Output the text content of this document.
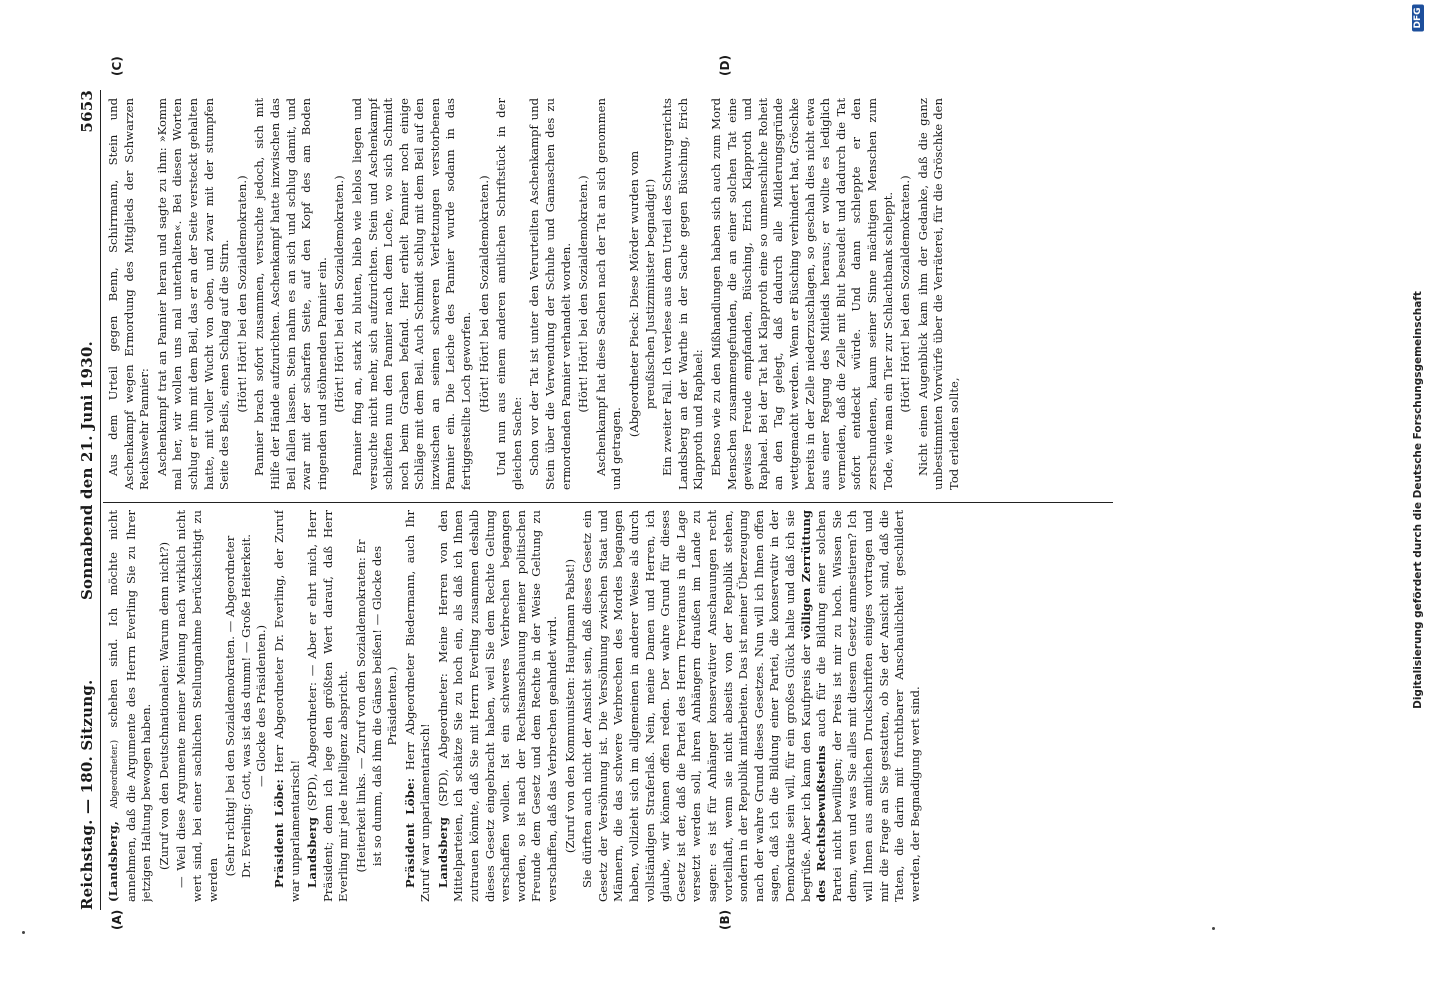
Reichstag. — 180. Sitzung.
Sonnabend den 21. Juni 1930.
5653
(A)	(B)
(C)	(D)

(Landsberg, Abgeordneter.) schehen sind. Ich möchte nicht annehmen, daß die Argumente des Herrn Everling Sie zu Ihrer jetzigen Haltung bewogen haben. (Zuruf von den Deutschnationalen: Warum denn nicht?) — Weil diese Argumente meiner Meinung nach wirklich nicht wert sind, bei einer sachlichen Stellungnahme berücksichtigt zu werden

(Sehr richtig! bei den Sozialdemokraten. — Abgeordneter Dr. Everling: Gott, was ist das dumm! — Große Heiterkeit. — Glocke des Präsidenten.)

Präsident Löbe: Herr Abgeordneter Dr. Everling, der Zuruf war unparlamentarisch! Landsberg (SPD), Abgeordneter: — Aber er ehrt mich, Herr Präsident; denn ich lege den größten Wert darauf, daß Herr Everling mir jede Intelligenz abspricht. (Heiterkeit links. — Zuruf von den Sozialdemokraten: Er ist so dumm, daß ihm die Gänse beißen! — Glocke des Präsidenten.)

Präsident Löbe: Herr Abgeordneter Biedermann, auch Ihr Zuruf war unparlamentarisch! Landsberg (SPD), Abgeordneter: Meine Herren von den Mittelparteien, ich schätze Sie zu hoch ein, als daß ich Ihnen zutrauen könnte, daß Sie mit Herrn Everling zusammen deshalb dieses Gesetz eingebracht haben, weil Sie dem Rechte Geltung verschaffen wollen. Ist ein schweres Verbrechen begangen worden, so ist nach der Rechtsanschauung meiner politischen Freunde dem Gesetz und dem Rechte in der Weise Geltung zu verschaffen, daß das Verbrechen geahndet wird. (Zuruf von den Kommunisten: Hauptmann Pabst!) Sie dürften auch nicht der Ansicht sein, daß dieses Gesetz ein Gesetz der Versöhnung ist. Die Versöhnung zwischen Staat und Männern, die das schwere Verbrechen des Mordes begangen haben, vollzieht sich im allgemeinen in anderer Weise als durch vollständigen Straferlaß. Nein, meine Damen und Herren, ich glaube, wir können offen reden. Der wahre Grund für dieses Gesetz ist der, daß die Partei des Herrn Treviranus in die Lage versetzt werden soll, ihren Anhängern draußen im Lande zu sagen: es ist für Anhänger konservativer Anschauungen recht vorteilhaft, wenn sie nicht abseits von der Republik stehen, sondern in der Republik mitarbeiten. Das ist meiner Überzeugung nach der wahre Grund dieses Gesetzes. Nun will ich Ihnen offen sagen, daß ich die Bildung einer Partei, die konservativ in der Demokratie sein will, für ein großes Glück halte und daß ich sie begrüße. Aber ich kann den Kaufpreis der völligen Zerrüttung des Rechtsbewußtseins auch für die Bildung einer solchen Partei nicht bewilligen; der Preis ist mir zu hoch. Wissen Sie denn, wen und was Sie alles mit diesem Gesetz amnestieren? Ich will Ihnen aus amtlichen Druckschriften einiges vortragen und mir die Frage an Sie gestatten, ob Sie der Ansicht sind, daß die Taten, die darin mit furchtbarer Anschaulichkeit geschildert werden, der Begnadigung wert sind.

Aus dem Urteil gegen Benn, Schirrmann, Stein und Aschenkampf wegen Ermordung des Mitglieds der Schwarzen Reichswehr Pannier: Aschenkampf trat an Pannier heran und sagte zu ihm: »Komm mal her, wir wollen uns mal unterhalten«. Bei diesen Worten schlug er ihm mit dem Beil, das er an der Seite versteckt gehalten hatte, mit voller Wucht von oben, und zwar mit der stumpfen Seite des Beils, einen Schlag auf die Stirn. (Hört! Hört! bei den Sozialdemokraten.) Pannier brach sofort zusammen, versuchte jedoch, sich mit Hilfe der Hände aufzurichten. Aschenkampf hatte inzwischen das Beil fallen lassen. Stein nahm es an sich und schlug damit, und zwar mit der scharfen Seite, auf den Kopf des am Boden ringenden und stöhnenden Pannier ein. (Hört! Hört! bei den Sozialdemokraten.) Pannier fing an, stark zu bluten, blieb wie leblos liegen und versuchte nicht mehr, sich aufzurichten. Stein und Aschenkampf schleiften nun den Pannier nach dem Loche, wo sich Schmidt noch beim Graben befand. Hier erhielt Pannier noch einige Schläge mit dem Beil. Auch Schmidt schlug mit dem Beil auf den inzwischen an seinen schweren Verletzungen verstorbenen Pannier ein. Die Leiche des Pannier wurde sodann in das fertiggestellte Loch geworfen. (Hört! Hört! bei den Sozialdemokraten.) Und nun aus einem anderen amtlichen Schriftstück in der gleichen Sache: Schon vor der Tat ist unter den Verurteilten Aschenkampf und Stein über die Verwendung der Schuhe und Gamaschen des zu ermordenden Pannier verhandelt worden. (Hört! Hört! bei den Sozialdemokraten.) Aschenkampf hat diese Sachen nach der Tat an sich genommen und getragen.

(Abgeordneter Pieck: Diese Mörder wurden vom preußischen Justizminister begnadigt!) Ein zweiter Fall. Ich verlese aus dem Urteil des Schwurgerichts Landsberg an der Warthe in der Sache gegen Büsching, Erich Klapproth und Raphael: Ebenso wie zu den Mißhandlungen haben sich auch zum Mord Menschen zusammengefunden, die an einer solchen Tat eine gewisse Freude empfanden, Büsching, Erich Klapproth und Raphael. Bei der Tat hat Klapproth eine so unmenschliche Roheit an den Tag gelegt, daß dadurch alle Milderungsgründe wettgemacht werden. Wenn er Büsching verhindert hat, Gröschke bereits in der Zelle niederzuschlagen, so geschah dies nicht etwa aus einer Regung des Mitleids heraus; er wollte es lediglich vermeiden, daß die Zelle mit Blut besudelt und dadurch die Tat sofort entdeckt würde. Und dann schleppte er den zerschundenen, kaum seiner Sinne mächtigen Menschen zum Tode, wie man ein Tier zur Schlachtbank schleppt. (Hört! Hört! bei den Sozialdemokraten.) Nicht einen Augenblick kam ihm der Gedanke, daß die ganz unbestimmten Vorwürfe über die Verräterei, für die Gröschke den Tod erleiden sollte,	Digitalisierung gefördert durch die Deutsche Forschungsgemeinschaft
DFG
